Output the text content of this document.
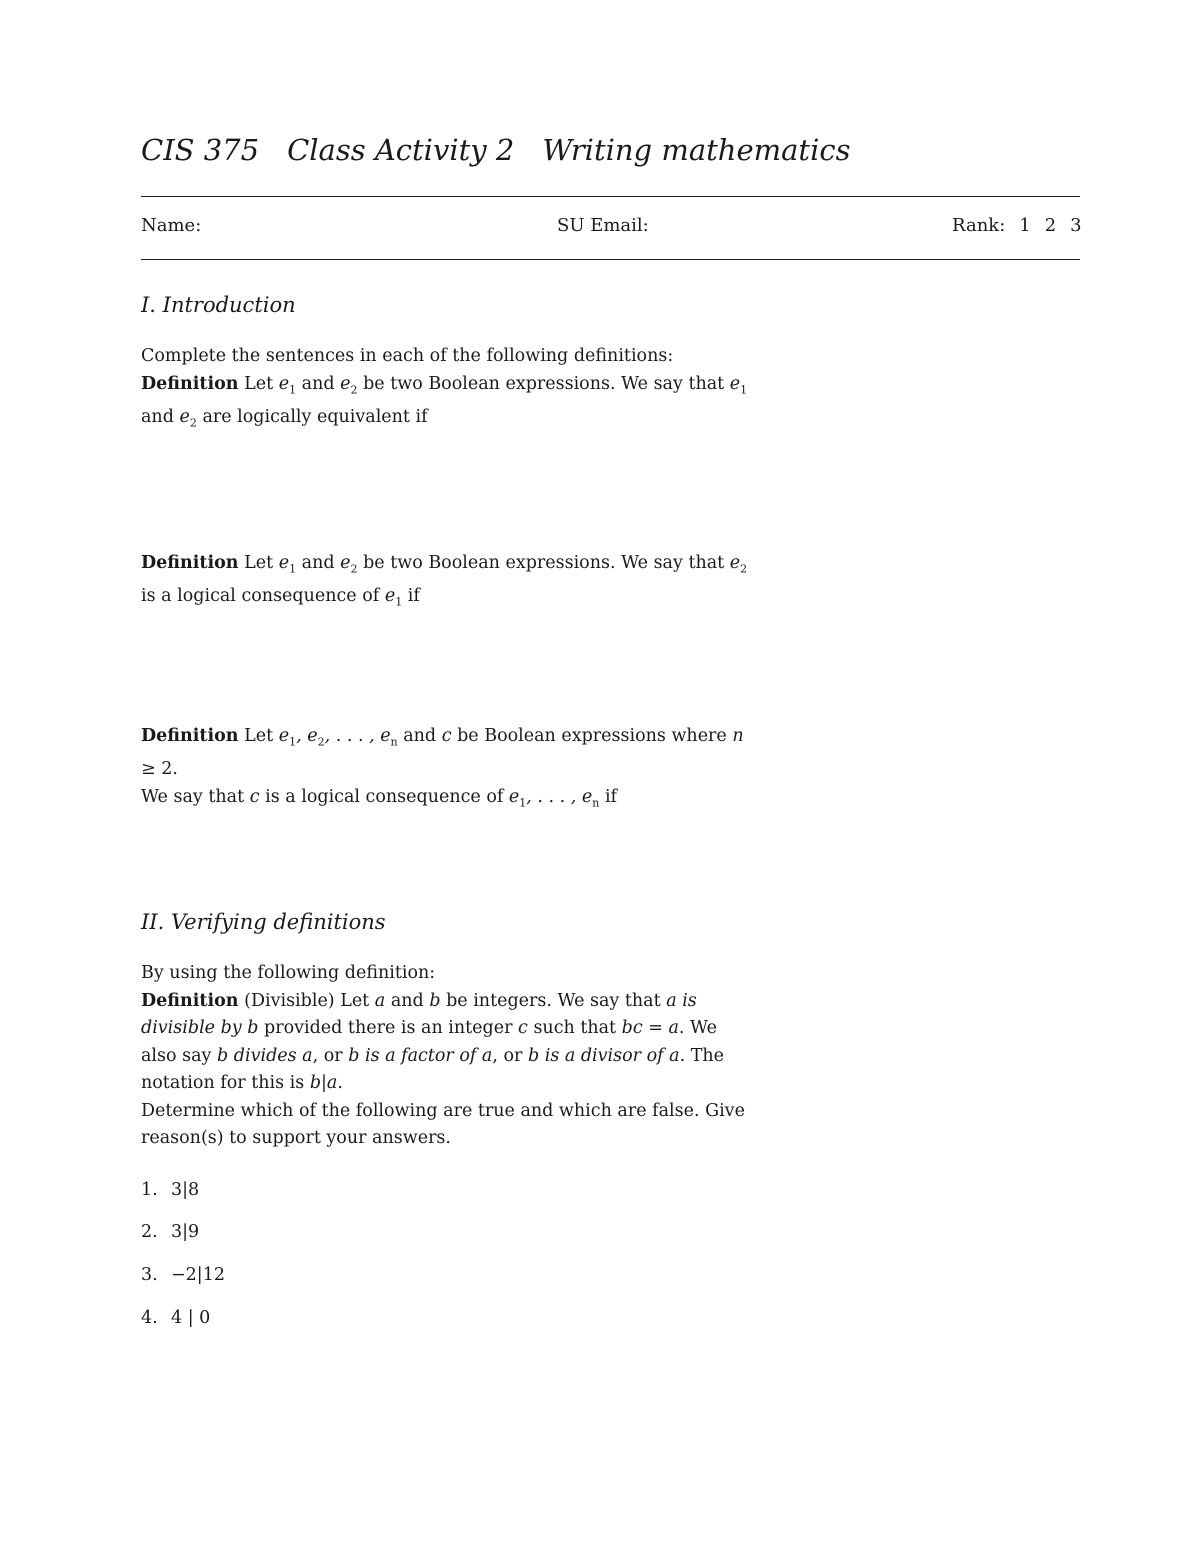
CIS 375 Class Activity 2 Writing mathematics
Name:	SU Email:	Rank: 1 2 3
I. Introduction
Complete the sentences in each of the following definitions:
Definition Let $e_1$ and $e_2$ be two Boolean expressions. We say that $e_1$ and $e_2$ are logically equivalent if
Definition Let $e_1$ and $e_2$ be two Boolean expressions. We say that $e_2$ is a logical consequence of $e_1$ if
Definition Let $e_1$, $e_2$, . . . , $e_n$ and c be Boolean expressions where n ≥ 2.
We say that c is a logical consequence of $e_1$, . . . , $e_n$ if
II. Verifying definitions
By using the following definition:
Definition (Divisible) Let a and b be integers. We say that a is divisible by b provided there is an integer c such that bc = a. We also say b divides a, or b is a factor of a, or b is a divisor of a. The notation for this is b|a.
Determine which of the following are true and which are false. Give reason(s) to support your answers.
1. 3|8
2. 3|9
3. −2|12
4. 4 | 0
